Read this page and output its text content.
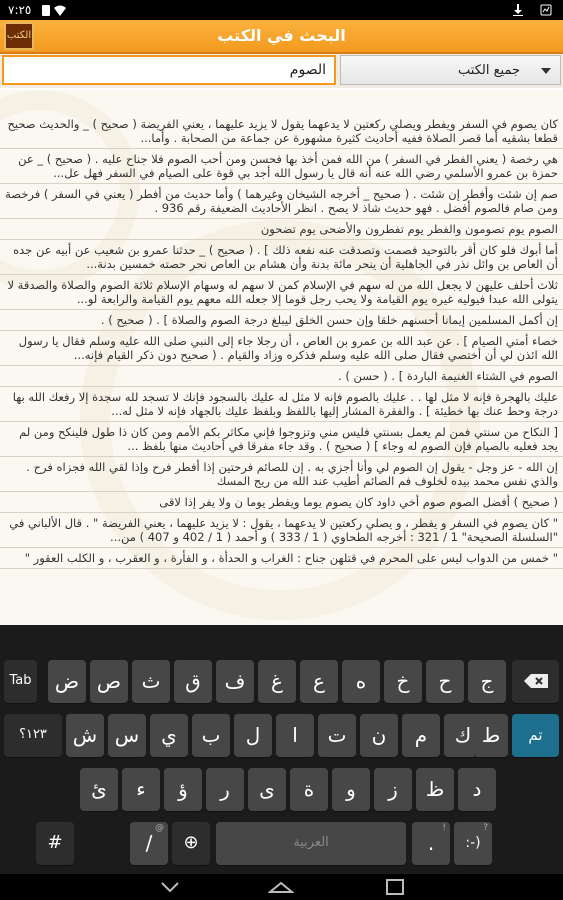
٧:٢٥
الكتب	البحث في الكتب
الصوم	جميع الكتب
كان يصوم في السفر ويفطر ويصلي ركعتين لا يدعهما يقول لا يزيد عليهما ، يعني الفريضة ( صحيح ) _ والحديث صحيح قطعا بشقيه أما قصر الصلاة ففيه أحاديث كثيرة مشهورة عن جماعة من الصحابة . وأما...
هي رخصة ( يعني الفطر في السفر ) من الله فمن أخذ بها فحسن ومن أحب الصوم فلا جناح عليه . ( صحيح ) _ عن حمزة بن عمرو الأسلمي رضي الله عنه أنه قال يا رسول الله أجد بي قوة على الصيام في السفر فهل عل...
صم إن شئت وأفطر إن شئت . ( صحيح _ أخرجه الشيخان وغيرهما ) وأما حديث من أفطر ( يعني في السفر ) فرخصة ومن صام فالصوم أفضل . فهو حديث شاذ لا يصح . انظر الأحاديث الضعيفة رقم 936 .
الصوم يوم تصومون والفطر يوم تفطرون والأضحى يوم تضحون
أما أبوك فلو كان أقر بالتوحيد فصمت وتصدقت عنه نفعه ذلك ] . ( صحيح ) _ حدثنا عمرو بن شعيب عن أبيه عن جده أن العاص بن وائل نذر في الجاهلية أن ينحر مائة بدنة وأن هشام بن العاص نحر حصته خمسين بدنة...
ثلاث أحلف عليهن لا يجعل الله من له سهم في الإسلام كمن لا سهم له وسهام الإسلام ثلاثة الصوم والصلاة والصدقة لا يتولى الله عبدا فيوليه غيره يوم القيامة ولا يحب رجل قوما إلا جعله الله معهم يوم القيامة والرابعة لو...
إن أكمل المسلمين إيمانا أحسنهم خلقا وإن حسن الخلق ليبلغ درجة الصوم والصلاة ] . ( صحيح ) .
خصاء أمتي الصيام ] . عن عبد الله بن عمرو بن العاص ، أن رجلا جاء إلى النبي صلى الله عليه وسلم فقال يا رسول الله ائذن لي أن أختصي فقال صلى الله عليه وسلم فذكره وزاد والقيام . ( صحيح دون ذكر القيام فإنه...
الصوم في الشتاء الغنيمة الباردة ] . ( حسن ) .
عليك بالهجرة فإنه لا مثل لها . . عليك بالصوم فإنه لا مثل له عليك بالسجود فإنك لا تسجد لله سجدة إلا رفعك الله بها درجة وحط عنك بها خطيئة ] . والفقرة المشار إليها باللفظ وبلفظ عليك بالجهاد فإنه لا مثل له...
[ النكاح من سنتي فمن لم يعمل بسنتي فليس مني وتزوجوا فإني مكاثر بكم الأمم ومن كان ذا طول فلينكح ومن لم يجد فعليه بالصيام فإن الصوم له وجاء ] ( صحيح ) . وقد جاء مفرقا في أحاديث منها بلفظ ...
إن الله - عز وجل - يقول إن الصوم لي وأنا أجزي به . إن للصائم فرحتين إذا أفطر فرح وإذا لقي الله فجزاه فرح . والذي نفس محمد بيده لخلوف فم الصائم أطيب عند الله من ريح المسك
( صحيح ) أفضل الصوم صوم أخي داود كان يصوم يوما ويفطر يوما ن ولا يفر إذا لاقى
" كان يصوم في السفر و يفطر ، و يصلي ركعتين لا يدعهما ، يقول : لا يزيد عليهما ، يعني الفريضة " . قال الألباني في "السلسلة الصحيحة" 1 / 321 : أخرجه الطحاوي ( 1 / 333 ) و أحمد ( 1 / 402 و 407 ) من...
" خمس من الدواب ليس على المحرم في قتلهن جناح : الغراب و الحدأة ، و الفأرة ، و العقرب ، و الكلب العقور "
Tab	ض ص	ث	ق	ف	غ	ع	ه	خ	ح	ج
١٢٣؟	ش س	ي	ب	ل	ا	ت	ن	م	ك ط	تم
ئ	ء	ؤ	ر	ى	ة	و	ز	ظ	د
#	/
@
⊕	العربية	.
!
:-)
?
